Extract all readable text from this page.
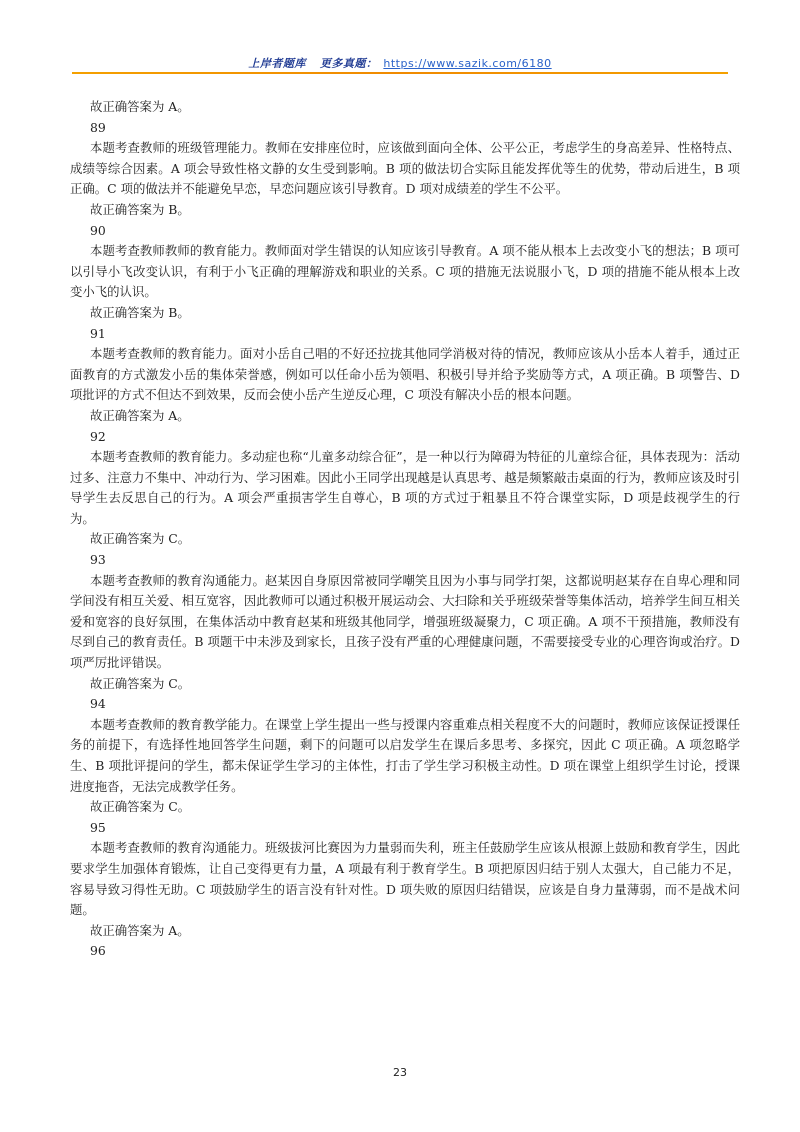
上岸者题库 更多真题： https://www.sazik.com/6180

故正确答案为 A。

89

本题考查教师的班级管理能力。教师在安排座位时，应该做到面向全体、公平公正，考虑学生的身高差异、性格特点、成绩等综合因素。A 项会导致性格文静的女生受到影响。B 项的做法切合实际且能发挥优等生的优势，带动后进生，B 项正确。C 项的做法并不能避免早恋，早恋问题应该引导教育。D 项对成绩差的学生不公平。

故正确答案为 B。

90

本题考查教师教师的教育能力。教师面对学生错误的认知应该引导教育。A 项不能从根本上去改变小飞的想法；B 项可以引导小飞改变认识，有利于小飞正确的理解游戏和职业的关系。C 项的措施无法说服小飞，D 项的措施不能从根本上改变小飞的认识。

故正确答案为 B。

91

本题考查教师的教育能力。面对小岳自己唱的不好还拉拢其他同学消极对待的情况，教师应该从小岳本人着手，通过正面教育的方式激发小岳的集体荣誉感，例如可以任命小岳为领唱、积极引导并给予奖励等方式，A 项正确。B 项警告、D 项批评的方式不但达不到效果，反而会使小岳产生逆反心理，C 项没有解决小岳的根本问题。

故正确答案为 A。

92

本题考查教师的教育能力。多动症也称“儿童多动综合征”，是一种以行为障碍为特征的儿童综合征，具体表现为：活动过多、注意力不集中、冲动行为、学习困难。因此小王同学出现越是认真思考、越是频繁敲击桌面的行为，教师应该及时引导学生去反思自己的行为。A 项会严重损害学生自尊心，B 项的方式过于粗暴且不符合课堂实际，D 项是歧视学生的行为。

故正确答案为 C。

93

本题考查教师的教育沟通能力。赵某因自身原因常被同学嘲笑且因为小事与同学打架，这都说明赵某存在自卑心理和同学间没有相互关爱、相互宽容，因此教师可以通过积极开展运动会、大扫除和关乎班级荣誉等集体活动，培养学生间互相关爱和宽容的良好氛围，在集体活动中教育赵某和班级其他同学，增强班级凝聚力，C 项正确。A 项不干预措施，教师没有尽到自己的教育责任。B 项题干中未涉及到家长，且孩子没有严重的心理健康问题，不需要接受专业的心理咨询或治疗。D 项严厉批评错误。

故正确答案为 C。

94

本题考查教师的教育教学能力。在课堂上学生提出一些与授课内容重难点相关程度不大的问题时，教师应该保证授课任务的前提下，有选择性地回答学生问题，剩下的问题可以启发学生在课后多思考、多探究，因此 C 项正确。A 项忽略学生、B 项批评提问的学生，都未保证学生学习的主体性，打击了学生学习积极主动性。D 项在课堂上组织学生讨论，授课进度拖沓，无法完成教学任务。

故正确答案为 C。

95

本题考查教师的教育沟通能力。班级拔河比赛因为力量弱而失利，班主任鼓励学生应该从根源上鼓励和教育学生，因此要求学生加强体育锻炼，让自己变得更有力量，A 项最有利于教育学生。B 项把原因归结于别人太强大，自己能力不足，容易导致习得性无助。C 项鼓励学生的语言没有针对性。D 项失败的原因归结错误，应该是自身力量薄弱，而不是战术问题。

故正确答案为 A。

96

23
